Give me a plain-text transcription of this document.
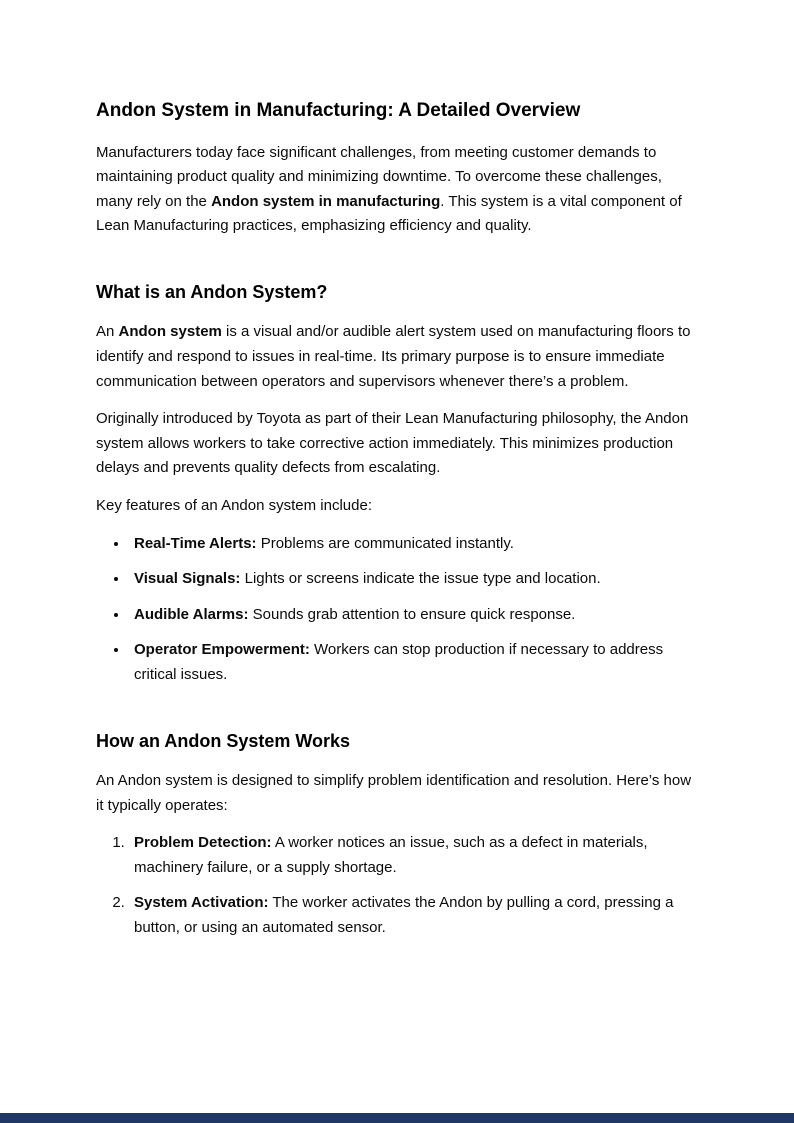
Andon System in Manufacturing: A Detailed Overview

Manufacturers today face significant challenges, from meeting customer demands to maintaining product quality and minimizing downtime. To overcome these challenges, many rely on the Andon system in manufacturing. This system is a vital component of Lean Manufacturing practices, emphasizing efficiency and quality.

What is an Andon System?

An Andon system is a visual and/or audible alert system used on manufacturing floors to identify and respond to issues in real-time. Its primary purpose is to ensure immediate communication between operators and supervisors whenever there’s a problem.

Originally introduced by Toyota as part of their Lean Manufacturing philosophy, the Andon system allows workers to take corrective action immediately. This minimizes production delays and prevents quality defects from escalating.

Key features of an Andon system include:

• Real-Time Alerts: Problems are communicated instantly.
• Visual Signals: Lights or screens indicate the issue type and location.
• Audible Alarms: Sounds grab attention to ensure quick response.
• Operator Empowerment: Workers can stop production if necessary to address critical issues.
How an Andon System Works

An Andon system is designed to simplify problem identification and resolution. Here’s how it typically operates:

1. Problem Detection: A worker notices an issue, such as a defect in materials, machinery failure, or a supply shortage.
2. System Activation: The worker activates the Andon by pulling a cord, pressing a button, or using an automated sensor.
